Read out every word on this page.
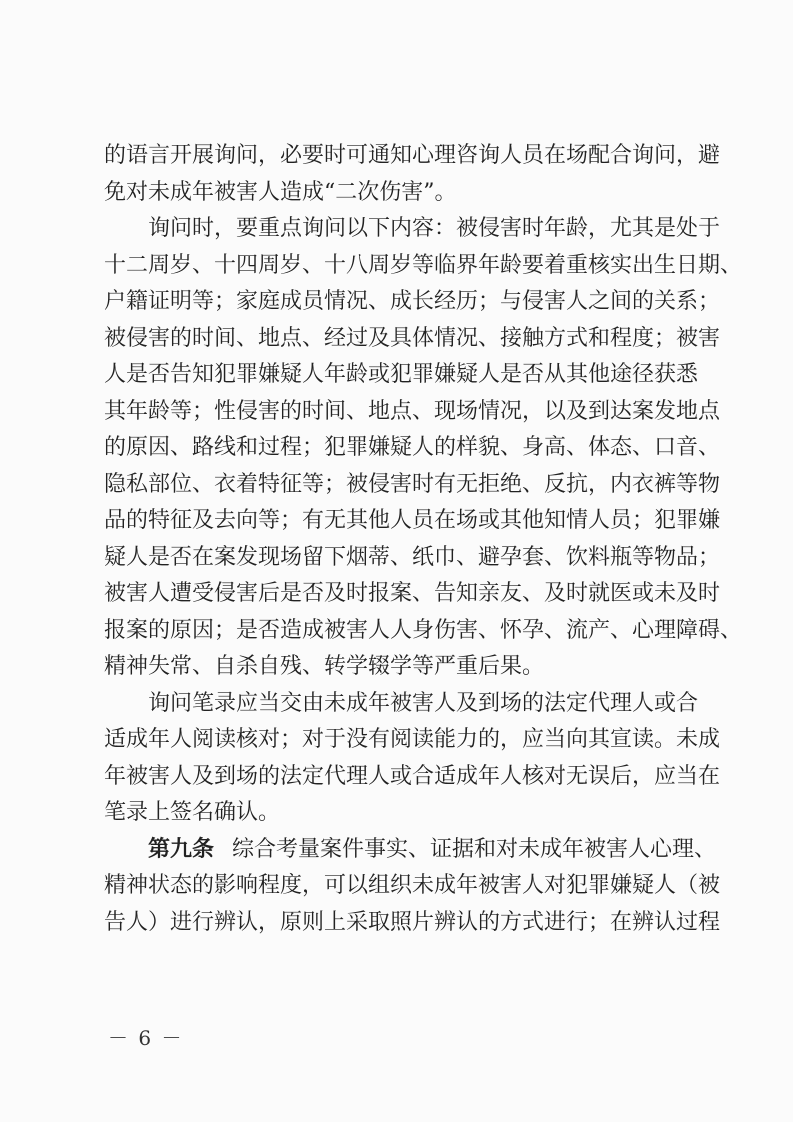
的语言开展询问，必要时可通知心理咨询人员在场配合询问，避
免对未成年被害人造成“二次伤害”。

询问时，要重点询问以下内容：被侵害时年龄，尤其是处于
十二周岁、十四周岁、十八周岁等临界年龄要着重核实出生日期、
户籍证明等；家庭成员情况、成长经历；与侵害人之间的关系；
被侵害的时间、地点、经过及具体情况、接触方式和程度；被害
人是否告知犯罪嫌疑人年龄或犯罪嫌疑人是否从其他途径获悉
其年龄等；性侵害的时间、地点、现场情况，以及到达案发地点
的原因、路线和过程；犯罪嫌疑人的样貌、身高、体态、口音、
隐私部位、衣着特征等；被侵害时有无拒绝、反抗，内衣裤等物
品的特征及去向等；有无其他人员在场或其他知情人员；犯罪嫌
疑人是否在案发现场留下烟蒂、纸巾、避孕套、饮料瓶等物品；
被害人遭受侵害后是否及时报案、告知亲友、及时就医或未及时
报案的原因；是否造成被害人人身伤害、怀孕、流产、心理障碍、
精神失常、自杀自残、转学辍学等严重后果。

询问笔录应当交由未成年被害人及到场的法定代理人或合
适成年人阅读核对；对于没有阅读能力的，应当向其宣读。未成
年被害人及到场的法定代理人或合适成年人核对无误后，应当在
笔录上签名确认。

第九条 综合考量案件事实、证据和对未成年被害人心理、
精神状态的影响程度，可以组织未成年被害人对犯罪嫌疑人（被
告人）进行辨认，原则上采取照片辨认的方式进行；在辨认过程

－ 6 －
